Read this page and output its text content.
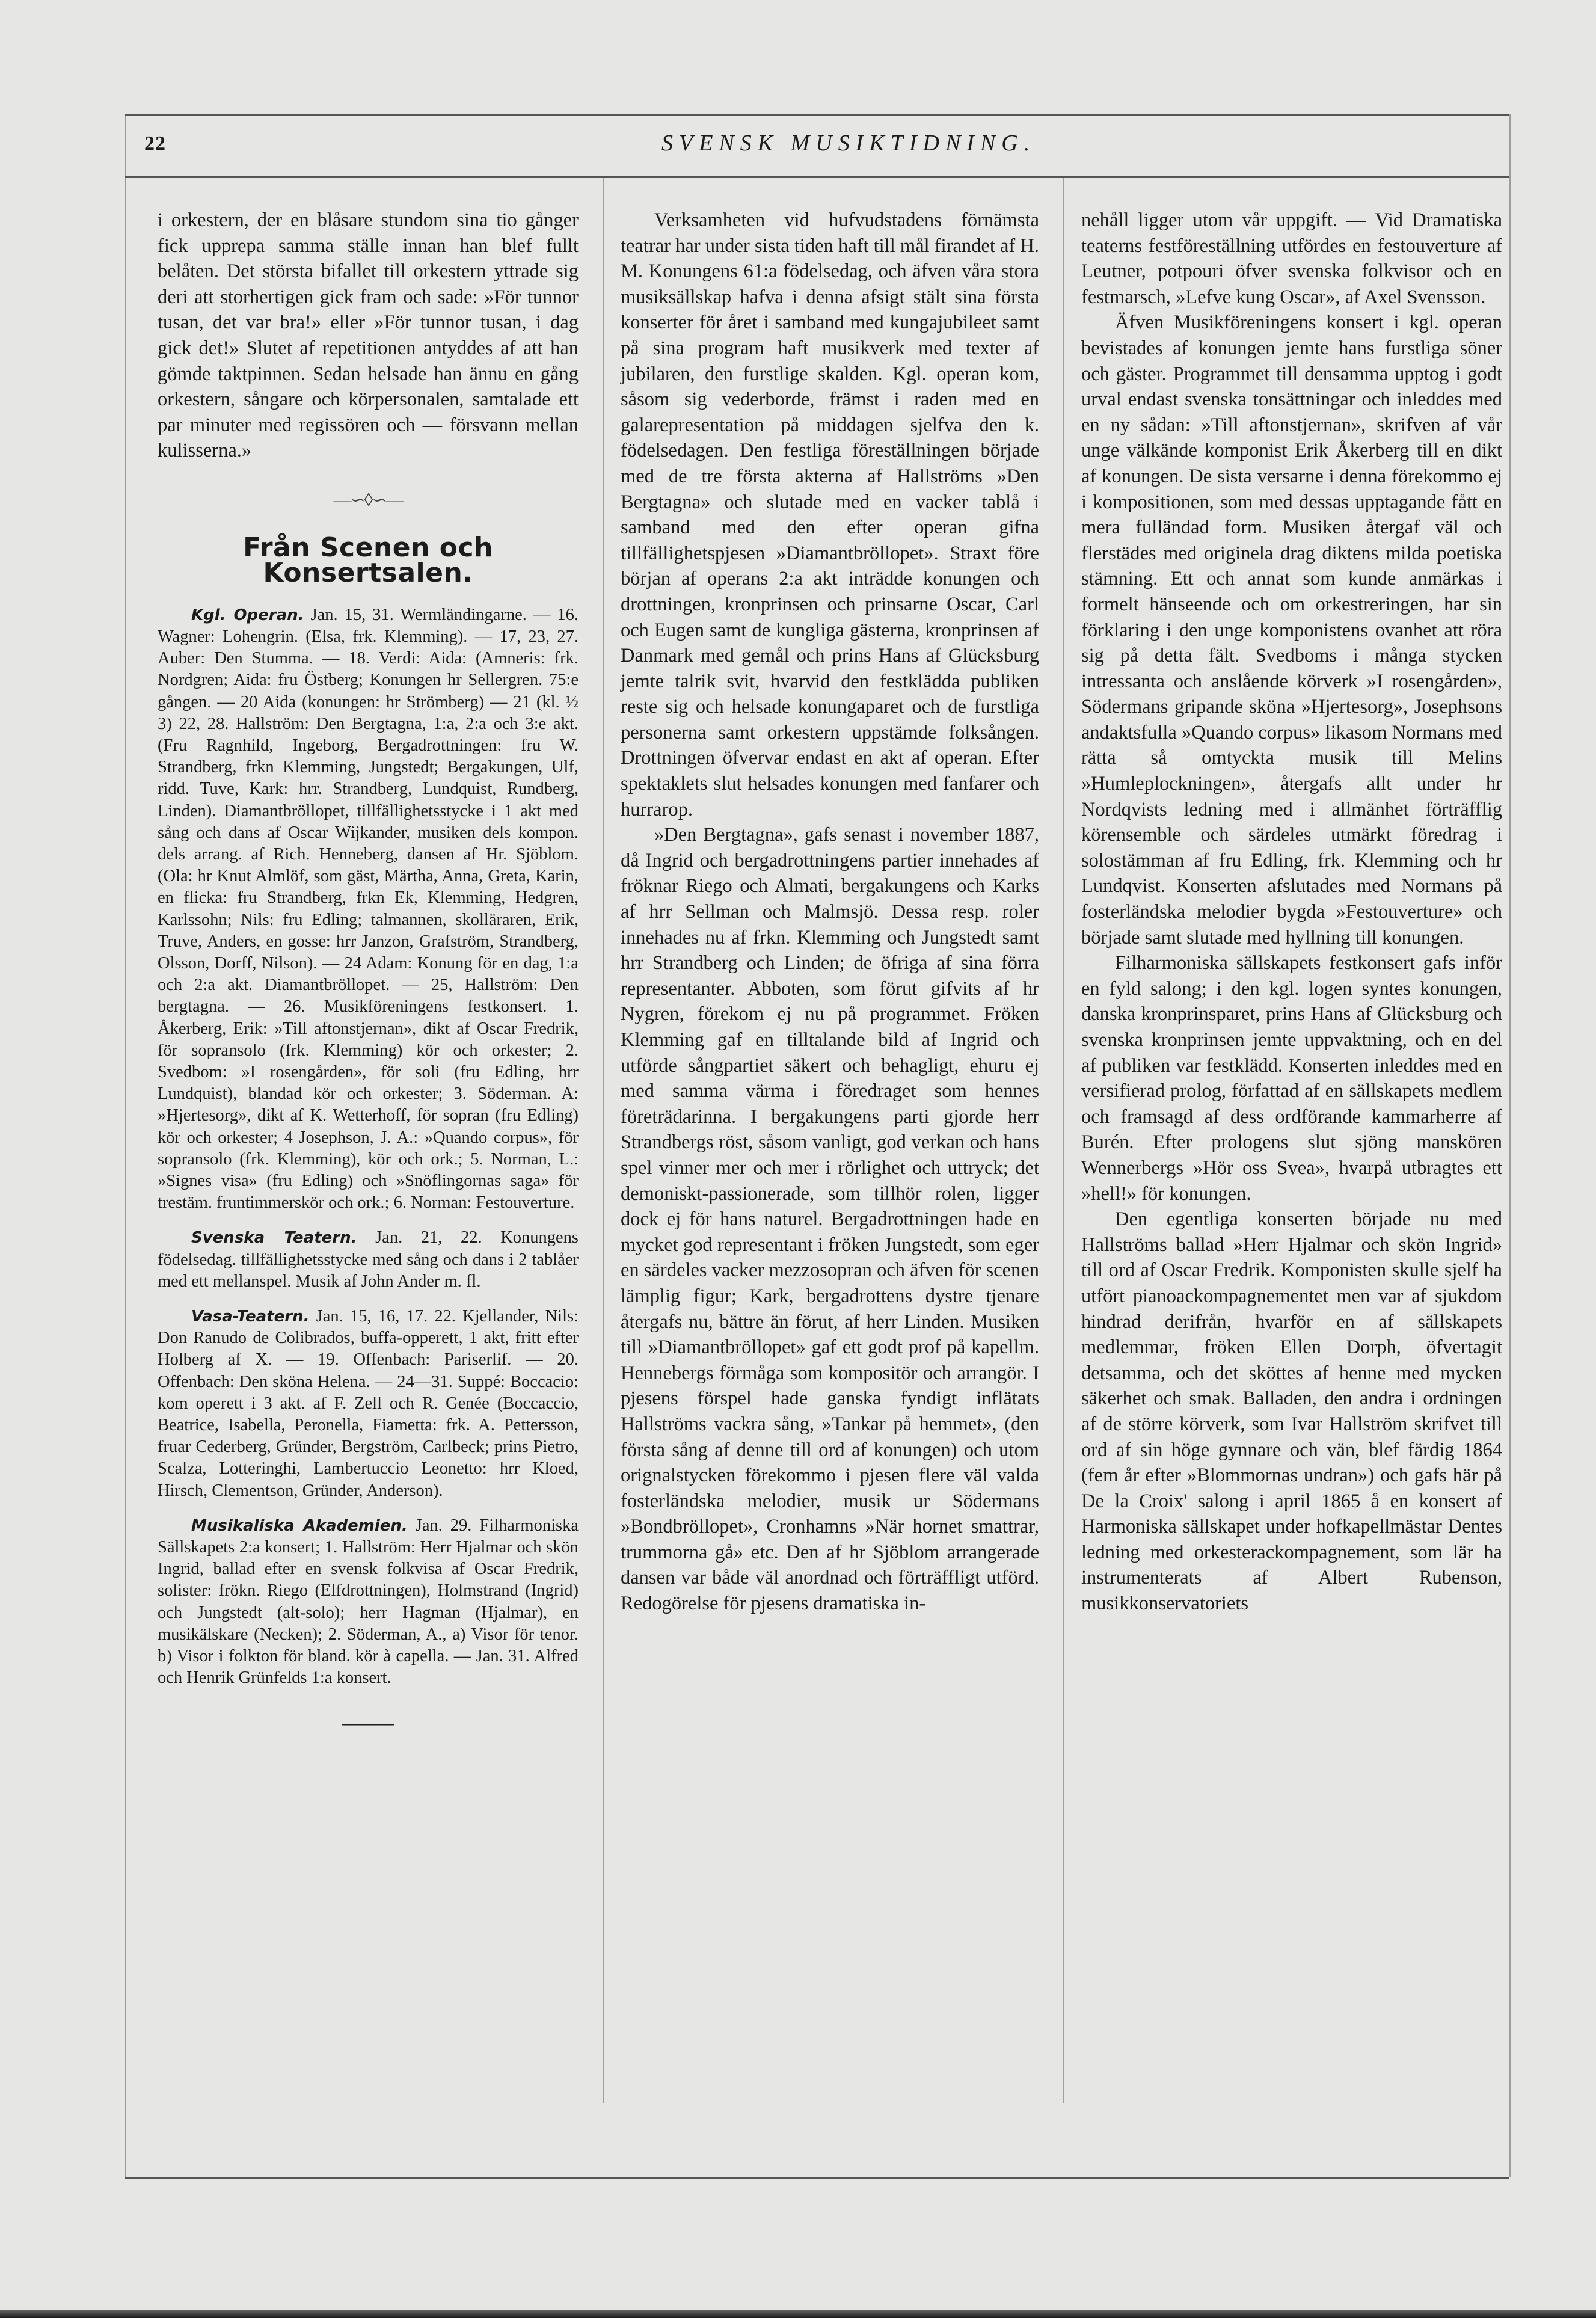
22	SVENSK MUSIKTIDNING.

i orkestern, der en blåsare stundom sina tio gånger fick upprepa samma ställe innan han blef fullt belåten. Det största bifallet till orkestern yttrade sig deri att storhertigen gick fram och sade: »För tunnor tusan, det var bra!» eller »För tunnor tusan, i dag gick det!» Slutet af repetitionen antyddes af att han gömde taktpinnen. Sedan helsade han ännu en gång orkestern, sångare och körpersonalen, samtalade ett par minuter med regissören och — försvann mellan kulisserna.»

—∽◊∽—
Från Scenen och Konsertsalen.

Kgl. Operan. Jan. 15, 31. Wermländingarne. — 16. Wagner: Lohengrin. (Elsa, frk. Klemming). — 17, 23, 27. Auber: Den Stumma. — 18. Verdi: Aida: (Amneris: frk. Nordgren; Aida: fru Östberg; Konungen hr Sellergren. 75:e gången. — 20 Aida (konungen: hr Strömberg) — 21 (kl. ½ 3) 22, 28. Hallström: Den Bergtagna, 1:a, 2:a och 3:e akt. (Fru Ragnhild, Ingeborg, Bergadrottningen: fru W. Strandberg, frkn Klemming, Jungstedt; Bergakungen, Ulf, ridd. Tuve, Kark: hrr. Strandberg, Lundquist, Rundberg, Linden). Diamantbröllopet, tillfällighetsstycke i 1 akt med sång och dans af Oscar Wijkander, musiken dels kompon. dels arrang. af Rich. Henneberg, dansen af Hr. Sjöblom. (Ola: hr Knut Almlöf, som gäst, Märtha, Anna, Greta, Karin, en flicka: fru Strandberg, frkn Ek, Klemming, Hedgren, Karlssohn; Nils: fru Edling; talmannen, skolläraren, Erik, Truve, Anders, en gosse: hrr Janzon, Grafström, Strandberg, Olsson, Dorff, Nilson). — 24 Adam: Konung för en dag, 1:a och 2:a akt. Diamantbröllopet. — 25, Hallström: Den bergtagna. — 26. Musikföreningens festkonsert. 1. Åkerberg, Erik: »Till aftonstjernan», dikt af Oscar Fredrik, för sopransolo (frk. Klemming) kör och orkester; 2. Svedbom: »I rosengården», för soli (fru Edling, hrr Lundquist), blandad kör och orkester; 3. Söderman. A: »Hjertesorg», dikt af K. Wetterhoff, för sopran (fru Edling) kör och orkester; 4 Josephson, J. A.: »Quando corpus», för sopransolo (frk. Klemming), kör och ork.; 5. Norman, L.: »Signes visa» (fru Edling) och »Snöflingornas saga» för trestäm. fruntimmerskör och ork.; 6. Norman: Festouverture.

Svenska Teatern. Jan. 21, 22. Konungens födelsedag. tillfällighetsstycke med sång och dans i 2 tablåer med ett mellanspel. Musik af John Ander m. fl.

Vasa-Teatern. Jan. 15, 16, 17. 22. Kjellander, Nils: Don Ranudo de Colibrados, buffa-opperett, 1 akt, fritt efter Holberg af X. — 19. Offenbach: Pariserlif. — 20. Offenbach: Den sköna Helena. — 24—31. Suppé: Boccacio: kom operett i 3 akt. af F. Zell och R. Genée (Boccaccio, Beatrice, Isabella, Peronella, Fiametta: frk. A. Pettersson, fruar Cederberg, Gründer, Bergström, Carlbeck; prins Pietro, Scalza, Lotteringhi, Lambertuccio Leonetto: hrr Kloed, Hirsch, Clementson, Gründer, Anderson).

Musikaliska Akademien. Jan. 29. Filharmoniska Sällskapets 2:a konsert; 1. Hallström: Herr Hjalmar och skön Ingrid, ballad efter en svensk folkvisa af Oscar Fredrik, solister: frökn. Riego (Elfdrottningen), Holmstrand (Ingrid) och Jungstedt (alt-solo); herr Hagman (Hjalmar), en musikälskare (Necken); 2. Söderman, A., a) Visor för tenor. b) Visor i folkton för bland. kör à capella. — Jan. 31. Alfred och Henrik Grünfelds 1:a konsert.

———

Verksamheten vid hufvudstadens förnämsta teatrar har under sista tiden haft till mål firandet af H. M. Konungens 61:a födelsedag, och äfven våra stora musiksällskap hafva i denna afsigt stält sina första konserter för året i samband med kungajubileet samt på sina program haft musikverk med texter af jubilaren, den furstlige skalden. Kgl. operan kom, såsom sig vederborde, främst i raden med en galarepresentation på middagen sjelfva den k. födelsedagen. Den festliga föreställningen började med de tre första akterna af Hallströms »Den Bergtagna» och slutade med en vacker tablå i samband med den efter operan gifna tillfällighetspjesen »Diamantbröllopet». Straxt före början af operans 2:a akt inträdde konungen och drottningen, kronprinsen och prinsarne Oscar, Carl och Eugen samt de kungliga gästerna, kronprinsen af Danmark med gemål och prins Hans af Glücksburg jemte talrik svit, hvarvid den festklädda publiken reste sig och helsade konungaparet och de furstliga personerna samt orkestern uppstämde folksången. Drottningen öfvervar endast en akt af operan. Efter spektaklets slut helsades konungen med fanfarer och hurrarop.

»Den Bergtagna», gafs senast i november 1887, då Ingrid och bergadrottningens partier innehades af fröknar Riego och Almati, bergakungens och Karks af hrr Sellman och Malmsjö. Dessa resp. roler innehades nu af frkn. Klemming och Jungstedt samt hrr Strandberg och Linden; de öfriga af sina förra representanter. Abboten, som förut gifvits af hr Nygren, förekom ej nu på programmet. Fröken Klemming gaf en tilltalande bild af Ingrid och utförde sångpartiet säkert och behagligt, ehuru ej med samma värma i föredraget som hennes företrädarinna. I bergakungens parti gjorde herr Strandbergs röst, såsom vanligt, god verkan och hans spel vinner mer och mer i rörlighet och uttryck; det demoniskt-passionerade, som tillhör rolen, ligger dock ej för hans naturel. Bergadrottningen hade en mycket god representant i fröken Jungstedt, som eger en särdeles vacker mezzosopran och äfven för scenen lämplig figur; Kark, bergadrottens dystre tjenare återgafs nu, bättre än förut, af herr Linden. Musiken till »Diamantbröllopet» gaf ett godt prof på kapellm. Hennebergs förmåga som kompositör och arrangör. I pjesens förspel hade ganska fyndigt inflätats Hallströms vackra sång, »Tankar på hemmet», (den första sång af denne till ord af konungen) och utom orignalstycken förekommo i pjesen flere väl valda fosterländska melodier, musik ur Södermans »Bondbröllopet», Cronhamns »När hornet smattrar, trummorna gå» etc. Den af hr Sjöblom arrangerade dansen var både väl anordnad och förträffligt utförd. Redogörelse för pjesens dramatiska in-

nehåll ligger utom vår uppgift. — Vid Dramatiska teaterns festföreställning utfördes en festouverture af Leutner, potpouri öfver svenska folkvisor och en festmarsch, »Lefve kung Oscar», af Axel Svensson.

Äfven Musikföreningens konsert i kgl. operan bevistades af konungen jemte hans furstliga söner och gäster. Programmet till densamma upptog i godt urval endast svenska tonsättningar och inleddes med en ny sådan: »Till aftonstjernan», skrifven af vår unge välkände komponist Erik Åkerberg till en dikt af konungen. De sista versarne i denna förekommo ej i kompositionen, som med dessas upptagande fått en mera fulländad form. Musiken återgaf väl och flerstädes med originela drag diktens milda poetiska stämning. Ett och annat som kunde anmärkas i formelt hänseende och om orkestreringen, har sin förklaring i den unge komponistens ovanhet att röra sig på detta fält. Svedboms i många stycken intressanta och anslående körverk »I rosengården», Södermans gripande sköna »Hjertesorg», Josephsons andaktsfulla »Quando corpus» likasom Normans med rätta så omtyckta musik till Melins »Humleplockningen», återgafs allt under hr Nordqvists ledning med i allmänhet förträfflig körensemble och särdeles utmärkt föredrag i solostämman af fru Edling, frk. Klemming och hr Lundqvist. Konserten afslutades med Normans på fosterländska melodier bygda »Festouverture» och började samt slutade med hyllning till konungen.

Filharmoniska sällskapets festkonsert gafs inför en fyld salong; i den kgl. logen syntes konungen, danska kronprinsparet, prins Hans af Glücksburg och svenska kronprinsen jemte uppvaktning, och en del af publiken var festklädd. Konserten inleddes med en versifierad prolog, författad af en sällskapets medlem och framsagd af dess ordförande kammarherre af Burén. Efter prologens slut sjöng manskören Wennerbergs »Hör oss Svea», hvarpå utbragtes ett »hell!» för konungen.

Den egentliga konserten började nu med Hallströms ballad »Herr Hjalmar och skön Ingrid» till ord af Oscar Fredrik. Komponisten skulle sjelf ha utfört pianoackompagnementet men var af sjukdom hindrad derifrån, hvarför en af sällskapets medlemmar, fröken Ellen Dorph, öfvertagit detsamma, och det sköttes af henne med mycken säkerhet och smak. Balladen, den andra i ordningen af de större körverk, som Ivar Hallström skrifvet till ord af sin höge gynnare och vän, blef färdig 1864 (fem år efter »Blommornas undran») och gafs här på De la Croix' salong i april 1865 å en konsert af Harmoniska sällskapet under hofkapellmästar Dentes ledning med orkesterackompagnement, som lär ha instrumenterats af Albert Rubenson, musikkonservatoriets
